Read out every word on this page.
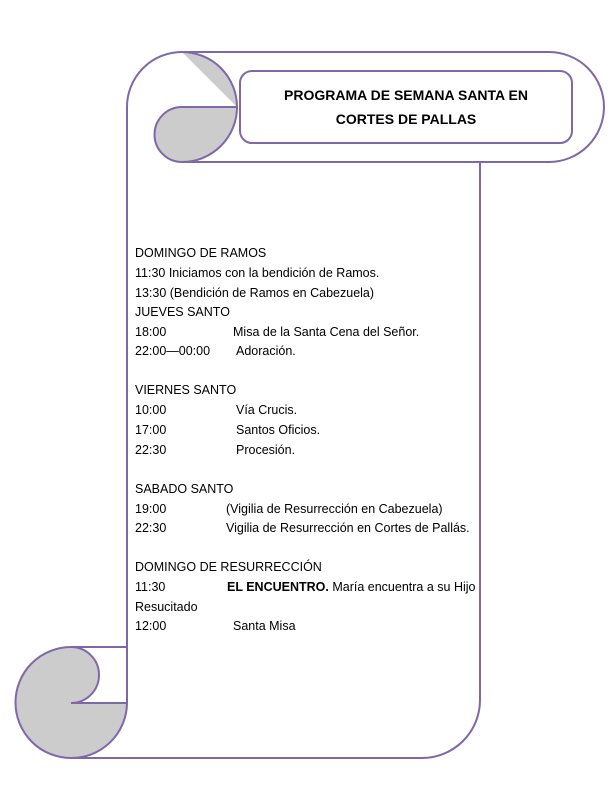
PROGRAMA DE SEMANA SANTA EN
CORTES DE PALLAS
DOMINGO DE RAMOS
11:30 Iniciamos con la bendición de Ramos.
13:30 (Bendición de Ramos en Cabezuela)
JUEVES SANTO
18:00	Misa de la Santa Cena del Señor.
22:00—00:00 Adoración.
VIERNES SANTO
10:00	Vía Crucis.
17:00	Santos Oficios.
22:30	Procesión.
SABADO SANTO
19:00	(Vigilia de Resurrección en Cabezuela)
22:30	Vigilia de Resurrección en Cortes de Pallás.
DOMINGO DE RESURRECCIÓN
11:30	EL ENCUENTRO. María encuentra a su Hijo
Resucitado
12:00	Santa Misa
